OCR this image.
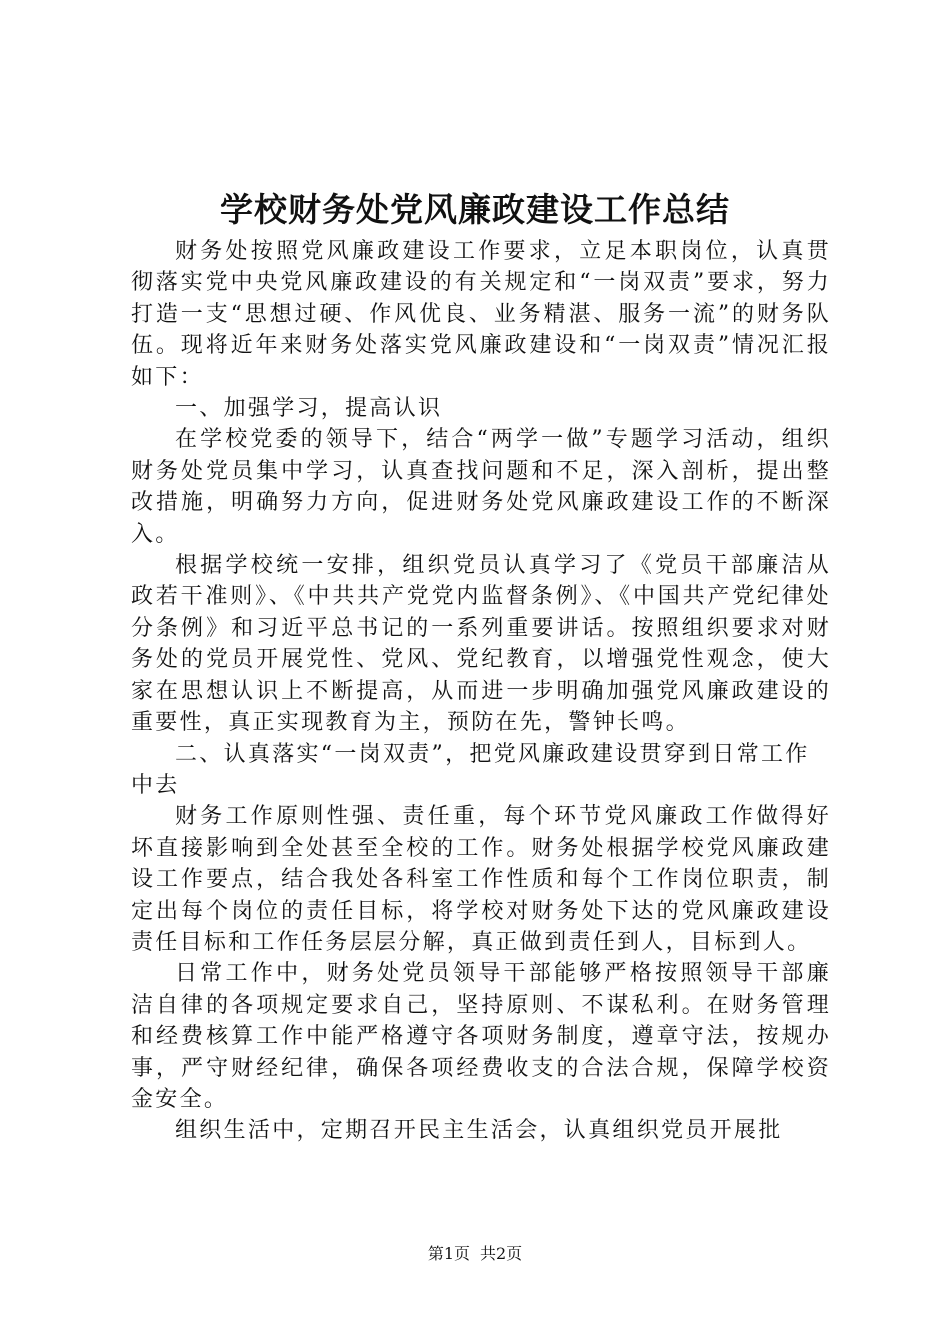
学校财务处党风廉政建设工作总结

财务处按照党风廉政建设工作要求，立足本职岗位，认真贯彻落实党中央党风廉政建设的有关规定和“一岗双责”要求，努力打造一支“思想过硬、作风优良、业务精湛、服务一流”的财务队伍。现将近年来财务处落实党风廉政建设和“一岗双责”情况汇报如下：

一、加强学习，提高认识

在学校党委的领导下，结合“两学一做”专题学习活动，组织财务处党员集中学习，认真查找问题和不足，深入剖析，提出整改措施，明确努力方向，促进财务处党风廉政建设工作的不断深入。

根据学校统一安排，组织党员认真学习了《党员干部廉洁从政若干准则》、《中共共产党党内监督条例》、《中国共产党纪律处分条例》和习近平总书记的一系列重要讲话。按照组织要求对财务处的党员开展党性、党风、党纪教育，以增强党性观念，使大家在思想认识上不断提高，从而进一步明确加强党风廉政建设的重要性，真正实现教育为主，预防在先，警钟长鸣。

二、认真落实“一岗双责”，把党风廉政建设贯穿到日常工作中去

财务工作原则性强、责任重，每个环节党风廉政工作做得好坏直接影响到全处甚至全校的工作。财务处根据学校党风廉政建设工作要点，结合我处各科室工作性质和每个工作岗位职责，制定出每个岗位的责任目标，将学校对财务处下达的党风廉政建设责任目标和工作任务层层分解，真正做到责任到人，目标到人。

日常工作中，财务处党员领导干部能够严格按照领导干部廉洁自律的各项规定要求自己，坚持原则、不谋私利。在财务管理和经费核算工作中能严格遵守各项财务制度，遵章守法，按规办事，严守财经纪律，确保各项经费收支的合法合规，保障学校资金安全。

组织生活中，定期召开民主生活会，认真组织党员开展批

第1页 共2页
